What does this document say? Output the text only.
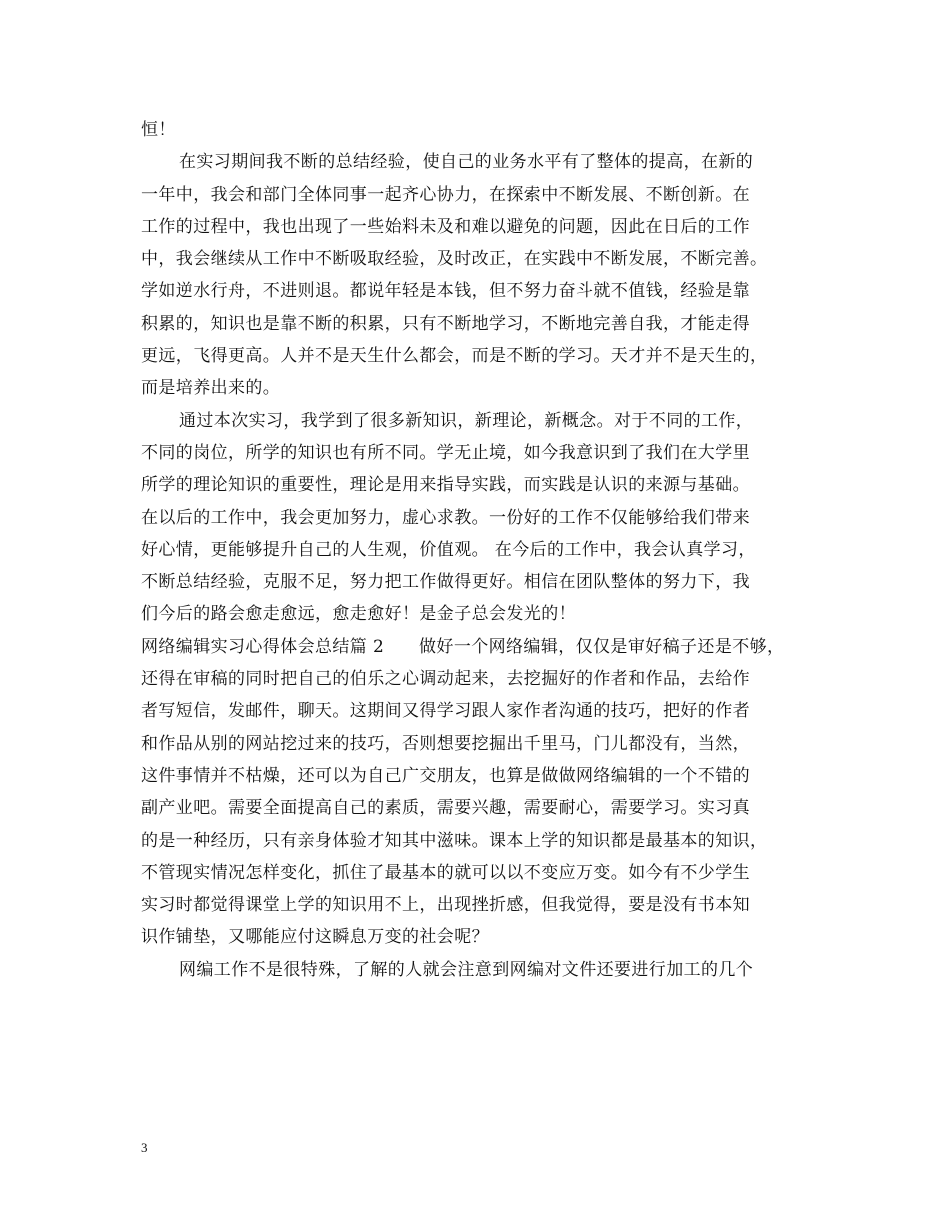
恒！
在实习期间我不断的总结经验，使自己的业务水平有了整体的提高，在新的
一年中，我会和部门全体同事一起齐心协力，在探索中不断发展、不断创新。在
工作的过程中，我也出现了一些始料未及和难以避免的问题，因此在日后的工作
中，我会继续从工作中不断吸取经验，及时改正，在实践中不断发展，不断完善。
学如逆水行舟，不进则退。都说年轻是本钱，但不努力奋斗就不值钱，经验是靠
积累的，知识也是靠不断的积累，只有不断地学习，不断地完善自我，才能走得
更远，飞得更高。人并不是天生什么都会，而是不断的学习。天才并不是天生的，
而是培养出来的。
通过本次实习，我学到了很多新知识，新理论，新概念。对于不同的工作，
不同的岗位，所学的知识也有所不同。学无止境，如今我意识到了我们在大学里
所学的理论知识的重要性，理论是用来指导实践，而实践是认识的来源与基础。
在以后的工作中，我会更加努力，虚心求教。一份好的工作不仅能够给我们带来
好心情，更能够提升自己的人生观，价值观。 在今后的工作中，我会认真学习，
不断总结经验，克服不足，努力把工作做得更好。相信在团队整体的努力下，我
们今后的路会愈走愈远，愈走愈好！是金子总会发光的！
网络编辑实习心得体会总结篇 2　　做好一个网络编辑，仅仅是审好稿子还是不够，
还得在审稿的同时把自己的伯乐之心调动起来，去挖掘好的作者和作品，去给作
者写短信，发邮件，聊天。这期间又得学习跟人家作者沟通的技巧，把好的作者
和作品从别的网站挖过来的技巧，否则想要挖掘出千里马，门儿都没有，当然，
这件事情并不枯燥，还可以为自己广交朋友，也算是做做网络编辑的一个不错的
副产业吧。需要全面提高自己的素质，需要兴趣，需要耐心，需要学习。实习真
的是一种经历，只有亲身体验才知其中滋味。课本上学的知识都是最基本的知识，
不管现实情况怎样变化，抓住了最基本的就可以以不变应万变。如今有不少学生
实习时都觉得课堂上学的知识用不上，出现挫折感，但我觉得，要是没有书本知
识作铺垫，又哪能应付这瞬息万变的社会呢？
网编工作不是很特殊，了解的人就会注意到网编对文件还要进行加工的几个
3
